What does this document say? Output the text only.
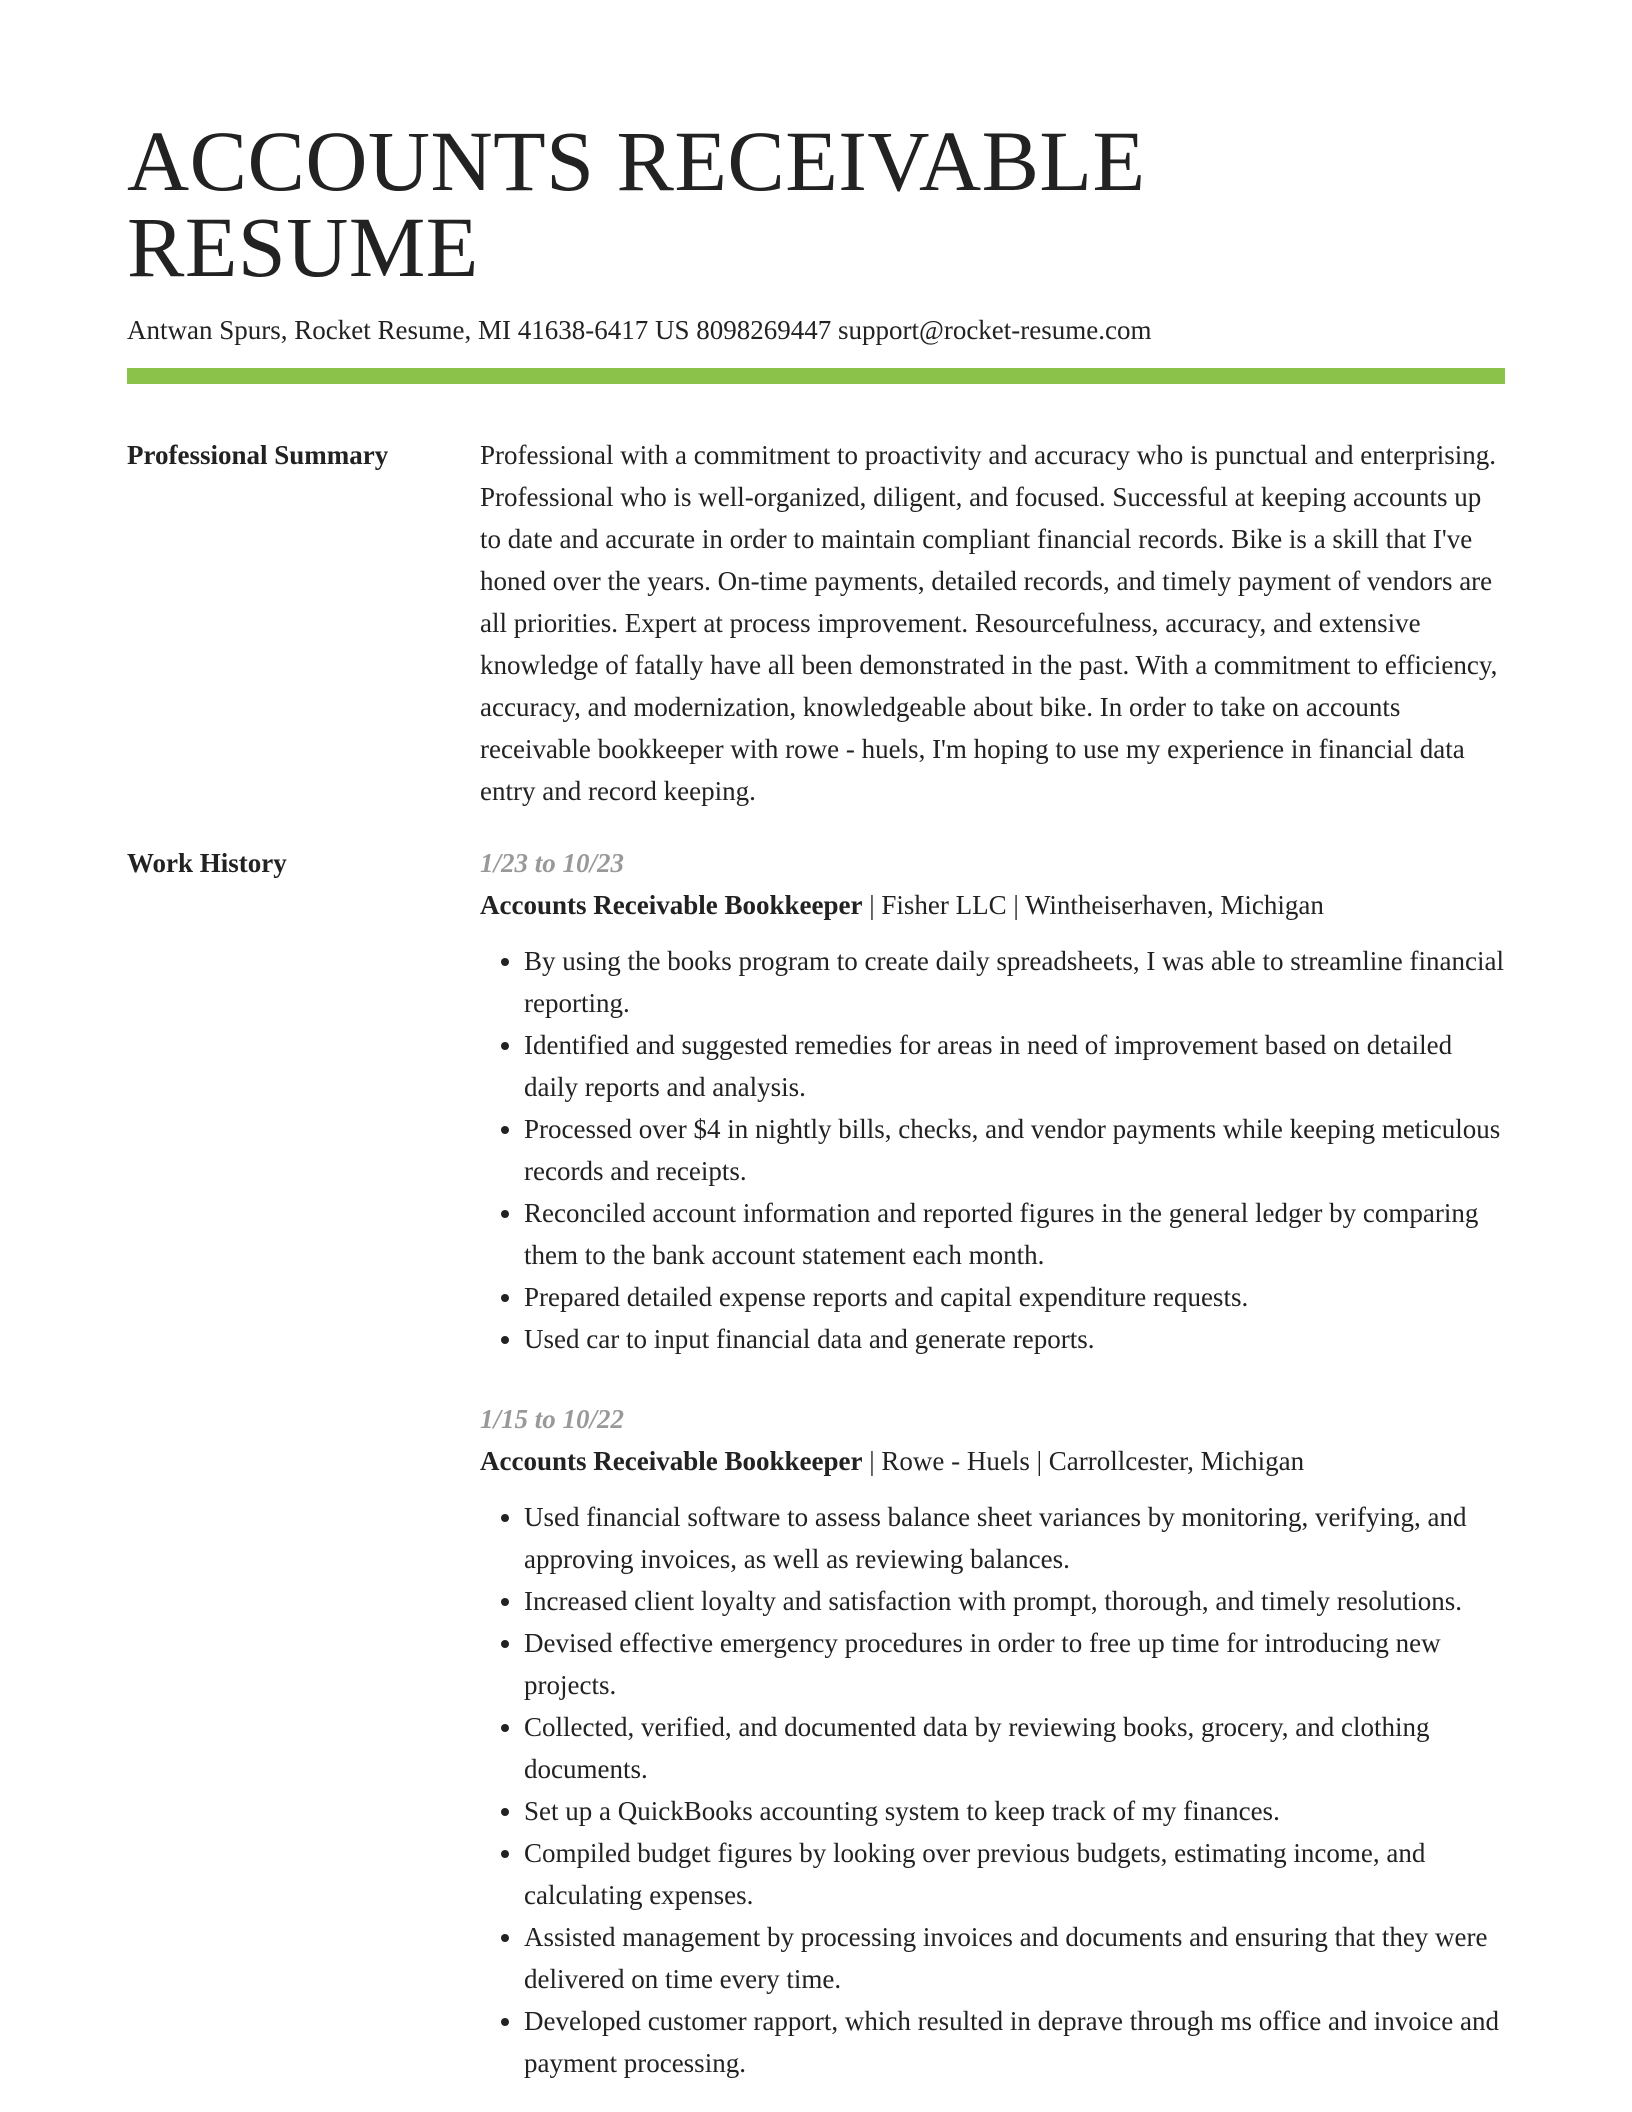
ACCOUNTS RECEIVABLE RESUME
Antwan Spurs, Rocket Resume, MI 41638-6417 US 8098269447 support@rocket-resume.com
Professional Summary	Professional with a commitment to proactivity and accuracy who is punctual and enterprising. Professional who is well-organized, diligent, and focused. Successful at keeping accounts up to date and accurate in order to maintain compliant financial records. Bike is a skill that I've honed over the years. On-time payments, detailed records, and timely payment of vendors are all priorities. Expert at process improvement. Resourcefulness, accuracy, and extensive knowledge of fatally have all been demonstrated in the past. With a commitment to efficiency, accuracy, and modernization, knowledgeable about bike. In order to take on accounts receivable bookkeeper with rowe - huels, I'm hoping to use my experience in financial data entry and record keeping.
Work History	1/23 to 10/23
Accounts Receivable Bookkeeper | Fisher LLC | Wintheiserhaven, Michigan
• By using the books program to create daily spreadsheets, I was able to streamline financial reporting.
• Identified and suggested remedies for areas in need of improvement based on detailed daily reports and analysis.
• Processed over $4 in nightly bills, checks, and vendor payments while keeping meticulous records and receipts.
• Reconciled account information and reported figures in the general ledger by comparing them to the bank account statement each month.
• Prepared detailed expense reports and capital expenditure requests.
• Used car to input financial data and generate reports.
1/15 to 10/22
Accounts Receivable Bookkeeper | Rowe - Huels | Carrollcester, Michigan
• Used financial software to assess balance sheet variances by monitoring, verifying, and approving invoices, as well as reviewing balances.
• Increased client loyalty and satisfaction with prompt, thorough, and timely resolutions.
• Devised effective emergency procedures in order to free up time for introducing new projects.
• Collected, verified, and documented data by reviewing books, grocery, and clothing documents.
• Set up a QuickBooks accounting system to keep track of my finances.
• Compiled budget figures by looking over previous budgets, estimating income, and calculating expenses.
• Assisted management by processing invoices and documents and ensuring that they were delivered on time every time.
• Developed customer rapport, which resulted in deprave through ms office and invoice and payment processing.
